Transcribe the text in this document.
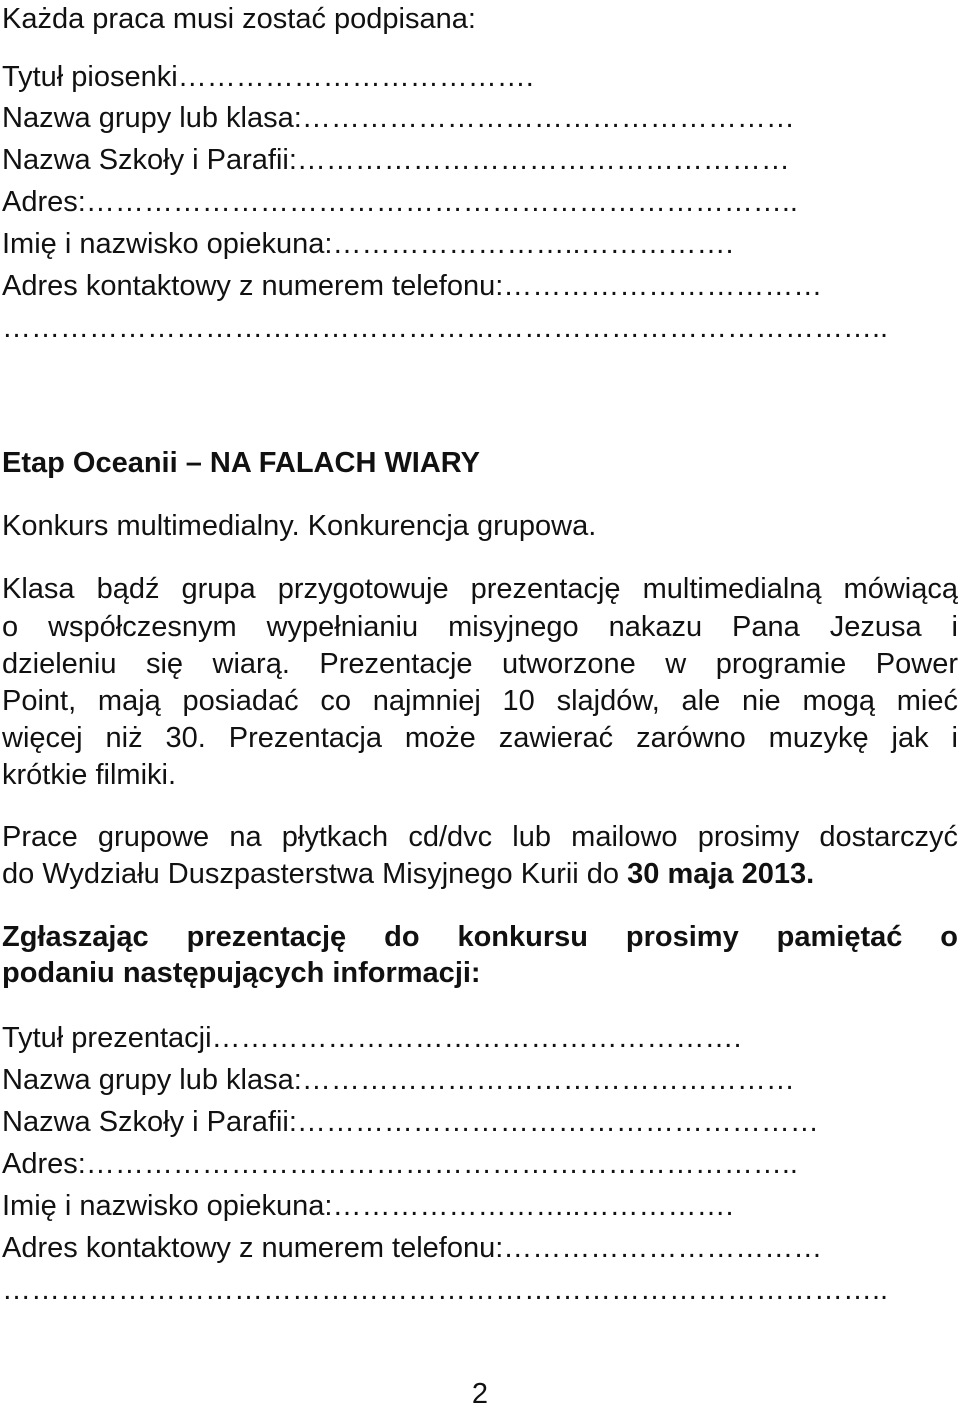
Każda praca musi zostać podpisana:
Tytuł piosenki……………………………….
Nazwa grupy lub klasa:……………………………………………
Nazwa Szkoły i Parafii:……………………………………………
Adres:………………………………………………………………..
Imię i nazwisko opiekuna:……………………..…………….
Adres kontaktowy z numerem telefonu:……………………………
………………………………………………………………………………..
Etap Oceanii – NA FALACH WIARY
Konkurs multimedialny. Konkurencja grupowa.
Klasa bądź grupa przygotowuje prezentację multimedialną mówiącą
o współczesnym wypełnianiu misyjnego nakazu Pana Jezusa i
dzieleniu się wiarą. Prezentacje utworzone w programie Power
Point, mają posiadać co najmniej 10 slajdów, ale nie mogą mieć
więcej niż 30. Prezentacja może zawierać zarówno muzykę jak i
krótkie filmiki.
Prace grupowe na płytkach cd/dvc lub mailowo prosimy dostarczyć
do Wydziału Duszpasterstwa Misyjnego Kurii do 30 maja 2013.
Zgłaszając prezentację do konkursu prosimy pamiętać o
podaniu następujących informacji:
Tytuł prezentacji……………………………………………….
Nazwa grupy lub klasa:……………………………………………
Nazwa Szkoły i Parafii:………………………………………………
Adres:………………………………………………………………..
Imię i nazwisko opiekuna:……………………..…………….
Adres kontaktowy z numerem telefonu:……………………………
………………………………………………………………………………..
2
